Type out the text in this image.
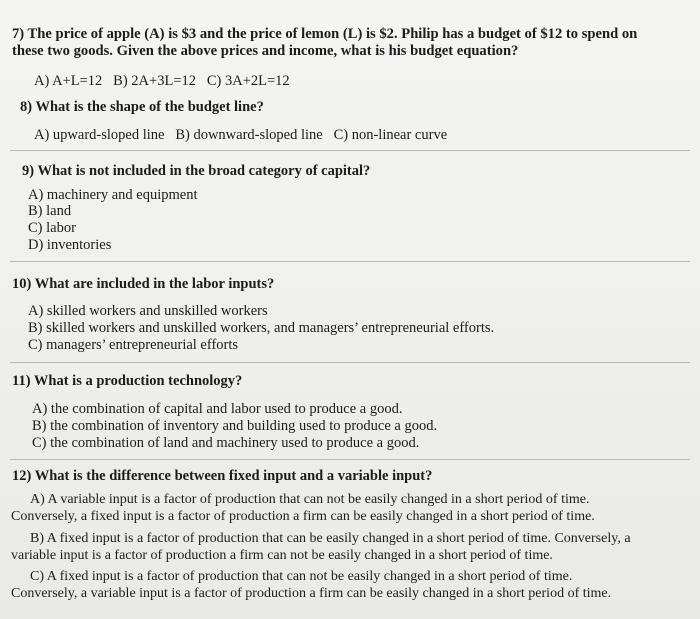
7) The price of apple (A) is $3 and the price of lemon (L) is $2. Philip has a budget of $12 to spend on
these two goods. Given the above prices and income, what is his budget equation?
A) A+L=12   B) 2A+3L=12   C) 3A+2L=12
8) What is the shape of the budget line?
A) upward-sloped line   B) downward-sloped line   C) non-linear curve
9) What is not included in the broad category of capital?
A) machinery and equipment
B) land
C) labor
D) inventories
10) What are included in the labor inputs?
A) skilled workers and unskilled workers
B) skilled workers and unskilled workers, and managers’ entrepreneurial efforts.
C) managers’ entrepreneurial efforts
11) What is a production technology?
A) the combination of capital and labor used to produce a good.
B) the combination of inventory and building used to produce a good.
C) the combination of land and machinery used to produce a good.
12) What is the difference between fixed input and a variable input?
A) A variable input is a factor of production that can not be easily changed in a short period of time.
Conversely, a fixed input is a factor of production a firm can be easily changed in a short period of time.
B) A fixed input is a factor of production that can be easily changed in a short period of time. Conversely, a
variable input is a factor of production a firm can not be easily changed in a short period of time.
C) A fixed input is a factor of production that can not be easily changed in a short period of time.
Conversely, a variable input is a factor of production a firm can be easily changed in a short period of time.
